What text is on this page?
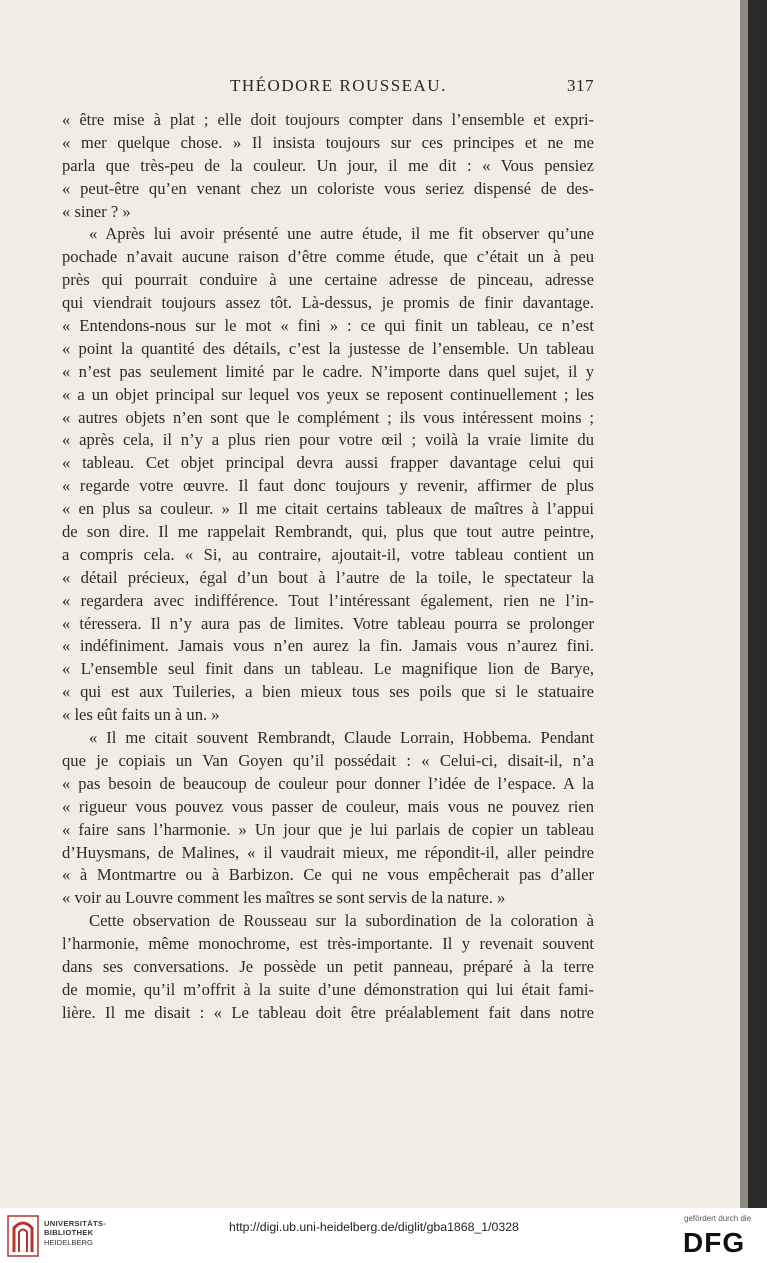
THÉODORE ROUSSEAU.	317
« être mise à plat ; elle doit toujours compter dans l’ensemble et expri-
« mer quelque chose. » Il insista toujours sur ces principes et ne me
parla que très-peu de la couleur. Un jour, il me dit : « Vous pensiez
« peut-être qu’en venant chez un coloriste vous seriez dispensé de des-
« siner ? »
« Après lui avoir présenté une autre étude, il me fit observer qu’une
pochade n’avait aucune raison d’être comme étude, que c’était un à peu
près qui pourrait conduire à une certaine adresse de pinceau, adresse
qui viendrait toujours assez tôt. Là-dessus, je promis de finir davantage.
« Entendons-nous sur le mot « fini » : ce qui finit un tableau, ce n’est
« point la quantité des détails, c’est la justesse de l’ensemble. Un tableau
« n’est pas seulement limité par le cadre. N’importe dans quel sujet, il y
« a un objet principal sur lequel vos yeux se reposent continuellement ; les
« autres objets n’en sont que le complément ; ils vous intéressent moins ;
« après cela, il n’y a plus rien pour votre œil ; voilà la vraie limite du
« tableau. Cet objet principal devra aussi frapper davantage celui qui
« regarde votre œuvre. Il faut donc toujours y revenir, affirmer de plus
« en plus sa couleur. » Il me citait certains tableaux de maîtres à l’appui
de son dire. Il me rappelait Rembrandt, qui, plus que tout autre peintre,
a compris cela. « Si, au contraire, ajoutait-il, votre tableau contient un
« détail précieux, égal d’un bout à l’autre de la toile, le spectateur la
« regardera avec indifférence. Tout l’intéressant également, rien ne l’in-
« téressera. Il n’y aura pas de limites. Votre tableau pourra se prolonger
« indéfiniment. Jamais vous n’en aurez la fin. Jamais vous n’aurez fini.
« L’ensemble seul finit dans un tableau. Le magnifique lion de Barye,
« qui est aux Tuileries, a bien mieux tous ses poils que si le statuaire
« les eût faits un à un. »
« Il me citait souvent Rembrandt, Claude Lorrain, Hobbema. Pendant
que je copiais un Van Goyen qu’il possédait : « Celui-ci, disait-il, n’a
« pas besoin de beaucoup de couleur pour donner l’idée de l’espace. A la
« rigueur vous pouvez vous passer de couleur, mais vous ne pouvez rien
« faire sans l’harmonie. » Un jour que je lui parlais de copier un tableau
d’Huysmans, de Malines, « il vaudrait mieux, me répondit-il, aller peindre
« à Montmartre ou à Barbizon. Ce qui ne vous empêcherait pas d’aller
« voir au Louvre comment les maîtres se sont servis de la nature. »
Cette observation de Rousseau sur la subordination de la coloration à
l’harmonie, même monochrome, est très-importante. Il y revenait souvent
dans ses conversations. Je possède un petit panneau, préparé à la terre
de momie, qu’il m’offrit à la suite d’une démonstration qui lui était fami-
lière. Il me disait : « Le tableau doit être préalablement fait dans notre
UNIVERSITÄTS-
BIBLIOTHEK
HEIDELBERG
http://digi.ub.uni-heidelberg.de/diglit/gba1868_1/0328
gefördert durch die
DFG
